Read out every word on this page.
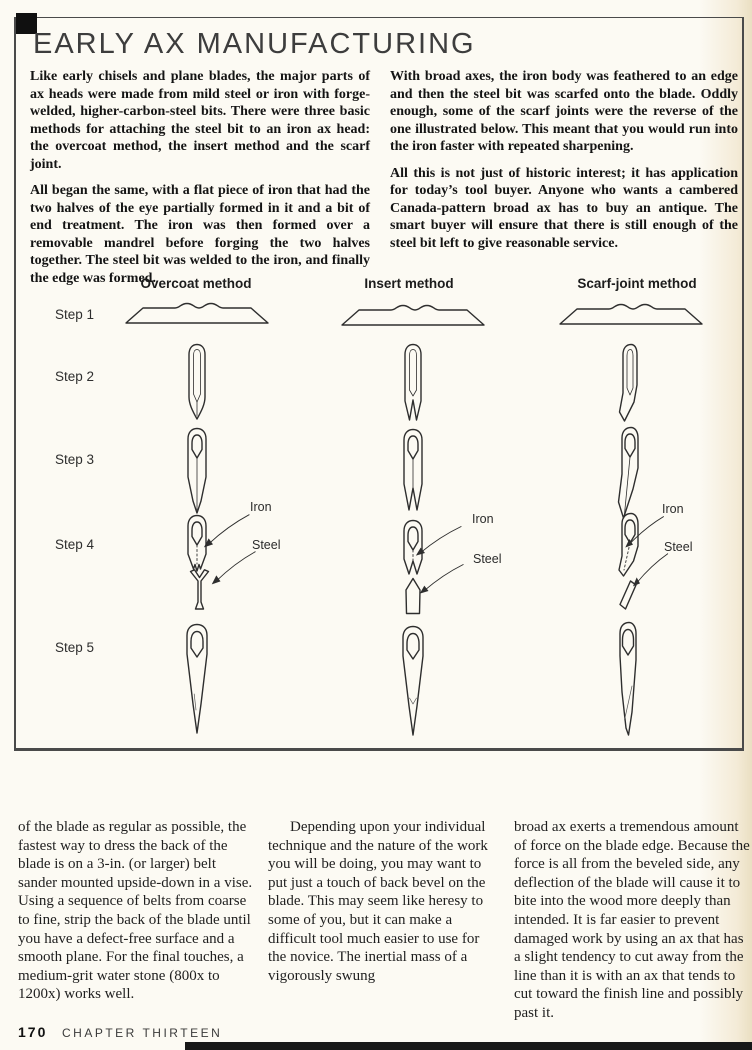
EARLY AX MANUFACTURING

Like early chisels and plane blades, the major parts of ax heads were made from mild steel or iron with forge-welded, higher-carbon-steel bits. There were three basic methods for attaching the steel bit to an iron ax head: the overcoat method, the insert method and the scarf joint.

All began the same, with a flat piece of iron that had the two halves of the eye partially formed in it and a bit of end treatment. The iron was then formed over a removable mandrel before forging the two halves together. The steel bit was welded to the iron, and finally the edge was formed.

With broad axes, the iron body was feathered to an edge and then the steel bit was scarfed onto the blade. Oddly enough, some of the scarf joints were the reverse of the one illustrated below. This meant that you would run into the iron faster with repeated sharpening.

All this is not just of historic interest; it has application for today’s tool buyer. Anyone who wants a cambered Canada-pattern broad ax has to buy an antique. The smart buyer will ensure that there is still enough of the steel bit left to give reasonable service.

Overcoat method	Insert method	Scarf-joint method
Step 1
Step 2
Step 3
Step 4
Step 5
Iron
Steel
Iron
Steel
Iron
Steel

of the blade as regular as possible, the fastest way to dress the back of the blade is on a 3-in. (or larger) belt sander mounted upside-down in a vise. Using a sequence of belts from coarse to fine, strip the back of the blade until you have a defect-free surface and a smooth plane. For the final touches, a medium-grit water stone (800x to 1200x) works well.

Depending upon your individual technique and the nature of the work you will be doing, you may want to put just a touch of back bevel on the blade. This may seem like heresy to some of you, but it can make a difficult tool much easier to use for the novice. The inertial mass of a vigorously swung

broad ax exerts a tremendous amount of force on the blade edge. Because the force is all from the beveled side, any deflection of the blade will cause it to bite into the wood more deeply than intended. It is far easier to prevent damaged work by using an ax that has a slight tendency to cut away from the line than it is with an ax that tends to cut toward the finish line and possibly past it.

170 CHAPTER THIRTEEN
